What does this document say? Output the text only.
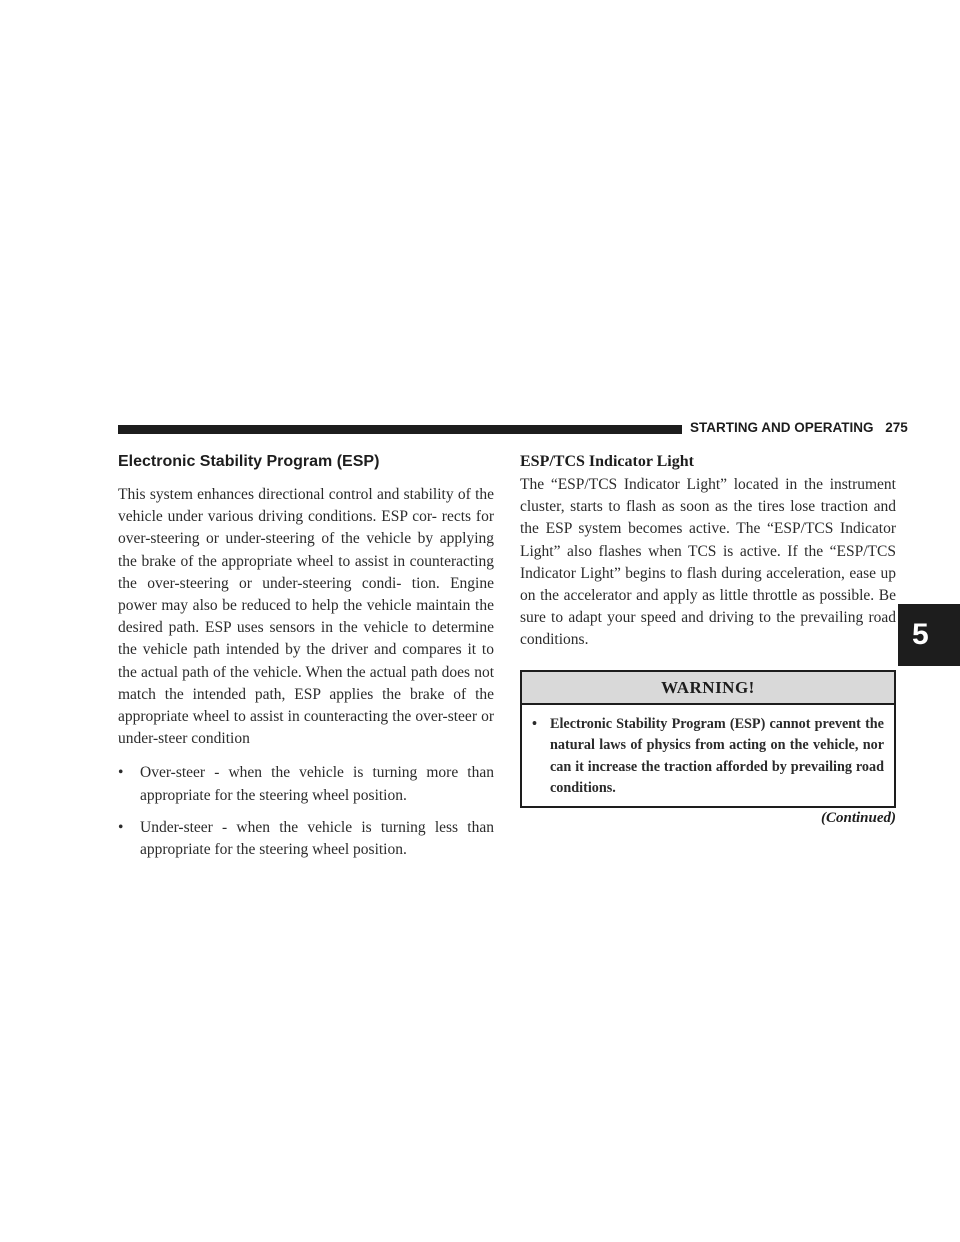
STARTING AND OPERATING 275
5
Electronic Stability Program (ESP)

This system enhances directional control and stability of the vehicle under various driving conditions. ESP cor- rects for over-steering or under-steering of the vehicle by applying the brake of the appropriate wheel to assist in counteracting the over-steering or under-steering condi- tion. Engine power may also be reduced to help the vehicle maintain the desired path. ESP uses sensors in the vehicle to determine the vehicle path intended by the driver and compares it to the actual path of the vehicle. When the actual path does not match the intended path, ESP applies the brake of the appropriate wheel to assist in counteracting the over-steer or under-steer condition

• Over-steer - when the vehicle is turning more than appropriate for the steering wheel position.
• Under-steer - when the vehicle is turning less than appropriate for the steering wheel position.
ESP/TCS Indicator Light

The “ESP/TCS Indicator Light” located in the instrument cluster, starts to flash as soon as the tires lose traction and the ESP system becomes active. The “ESP/TCS Indicator Light” also flashes when TCS is active. If the “ESP/TCS Indicator Light” begins to flash during acceleration, ease up on the accelerator and apply as little throttle as possible. Be sure to adapt your speed and driving to the prevailing road conditions.

WARNING!
• Electronic Stability Program (ESP) cannot prevent the natural laws of physics from acting on the vehicle, nor can it increase the traction afforded by prevailing road conditions.
(Continued)
